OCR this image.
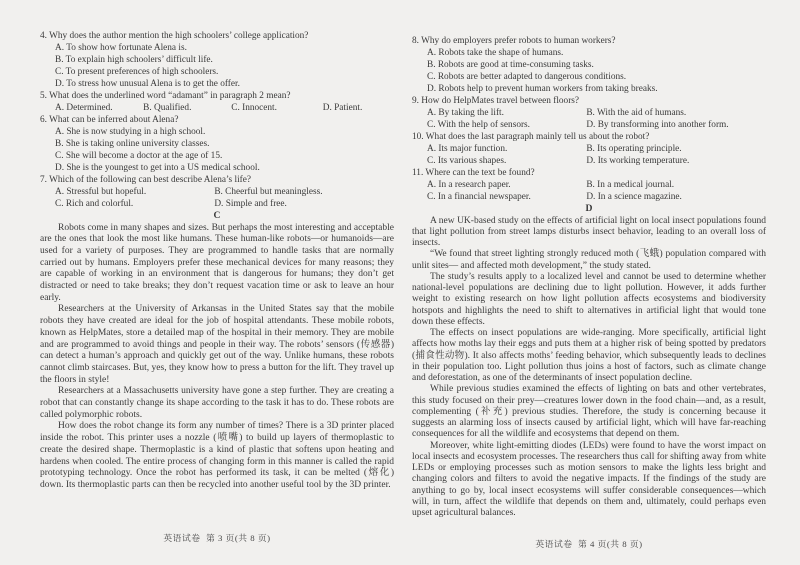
4. Why does the author mention the high schoolers’ college application?
A. To show how fortunate Alena is.
B. To explain high schoolers’ difficult life.
C. To present preferences of high schoolers.
D. To stress how unusual Alena is to get the offer.
5. What does the underlined word “adamant” in paragraph 2 mean?
A. Determined.	B. Qualified.	C. Innocent.	D. Patient.
6. What can be inferred about Alena?
A. She is now studying in a high school.
B. She is taking online university classes.
C. She will become a doctor at the age of 15.
D. She is the youngest to get into a US medical school.
7. Which of the following can best describe Alena’s life?
A. Stressful but hopeful.	B. Cheerful but meaningless.
C. Rich and colorful.	D. Simple and free.
C

Robots come in many shapes and sizes. But perhaps the most interesting and acceptable are the ones that look the most like humans. These human-like robots—or humanoids—are used for a variety of purposes. They are programmed to handle tasks that are normally carried out by humans. Employers prefer these mechanical devices for many reasons; they are capable of working in an environment that is dangerous for humans; they don’t get distracted or need to take breaks; they don’t request vacation time or ask to leave an hour early.

Researchers at the University of Arkansas in the United States say that the mobile robots they have created are ideal for the job of hospital attendants. These mobile robots, known as HelpMates, store a detailed map of the hospital in their memory. They are mobile and are programmed to avoid things and people in their way. The robots’ sensors (传感器) can detect a human’s approach and quickly get out of the way. Unlike humans, these robots cannot climb staircases. But, yes, they know how to press a button for the lift. They travel up the floors in style!

Researchers at a Massachusetts university have gone a step further. They are creating a robot that can constantly change its shape according to the task it has to do. These robots are called polymorphic robots.

How does the robot change its form any number of times? There is a 3D printer placed inside the robot. This printer uses a nozzle (喷嘴) to build up layers of thermoplastic to create the desired shape. Thermoplastic is a kind of plastic that softens upon heating and hardens when cooled. The entire process of changing form in this manner is called the rapid prototyping technology. Once the robot has performed its task, it can be melted (熔化) down. Its thermoplastic parts can then be recycled into another useful tool by the 3D printer.

8. Why do employers prefer robots to human workers?
A. Robots take the shape of humans.
B. Robots are good at time-consuming tasks.
C. Robots are better adapted to dangerous conditions.
D. Robots help to prevent human workers from taking breaks.
9. How do HelpMates travel between floors?
A. By taking the lift.	B. With the aid of humans.
C. With the help of sensors.	D. By transforming into another form.
10. What does the last paragraph mainly tell us about the robot?
A. Its major function.	B. Its operating principle.
C. Its various shapes.	D. Its working temperature.
11. Where can the text be found?
A. In a research paper.	B. In a medical journal.
C. In a financial newspaper.	D. In a science magazine.
D

A new UK-based study on the effects of artificial light on local insect populations found that light pollution from street lamps disturbs insect behavior, leading to an overall loss of insects.

“We found that street lighting strongly reduced moth (飞蛾) population compared with unlit sites— and affected moth development,” the study stated.

The study’s results apply to a localized level and cannot be used to determine whether national-level populations are declining due to light pollution. However, it adds further weight to existing research on how light pollution affects ecosystems and biodiversity hotspots and highlights the need to shift to alternatives in artificial light that would tone down these effects.

The effects on insect populations are wide-ranging. More specifically, artificial light affects how moths lay their eggs and puts them at a higher risk of being spotted by predators (捕食性动物). It also affects moths’ feeding behavior, which subsequently leads to declines in their population too. Light pollution thus joins a host of factors, such as climate change and deforestation, as one of the determinants of insect population decline.

While previous studies examined the effects of lighting on bats and other vertebrates, this study focused on their prey—creatures lower down in the food chain—and, as a result, complementing (补充) previous studies. Therefore, the study is concerning because it suggests an alarming loss of insects caused by artificial light, which will have far-reaching consequences for all the wildlife and ecosystems that depend on them.

Moreover, white light-emitting diodes (LEDs) were found to have the worst impact on local insects and ecosystem processes. The researchers thus call for shifting away from white LEDs or employing processes such as motion sensors to make the lights less bright and changing colors and filters to avoid the negative impacts. If the findings of the study are anything to go by, local insect ecosystems will suffer considerable consequences—which will, in turn, affect the wildlife that depends on them and, ultimately, could perhaps even upset agricultural balances.

英语试卷  第 3 页(共 8 页)
英语试卷  第 4 页(共 8 页)
